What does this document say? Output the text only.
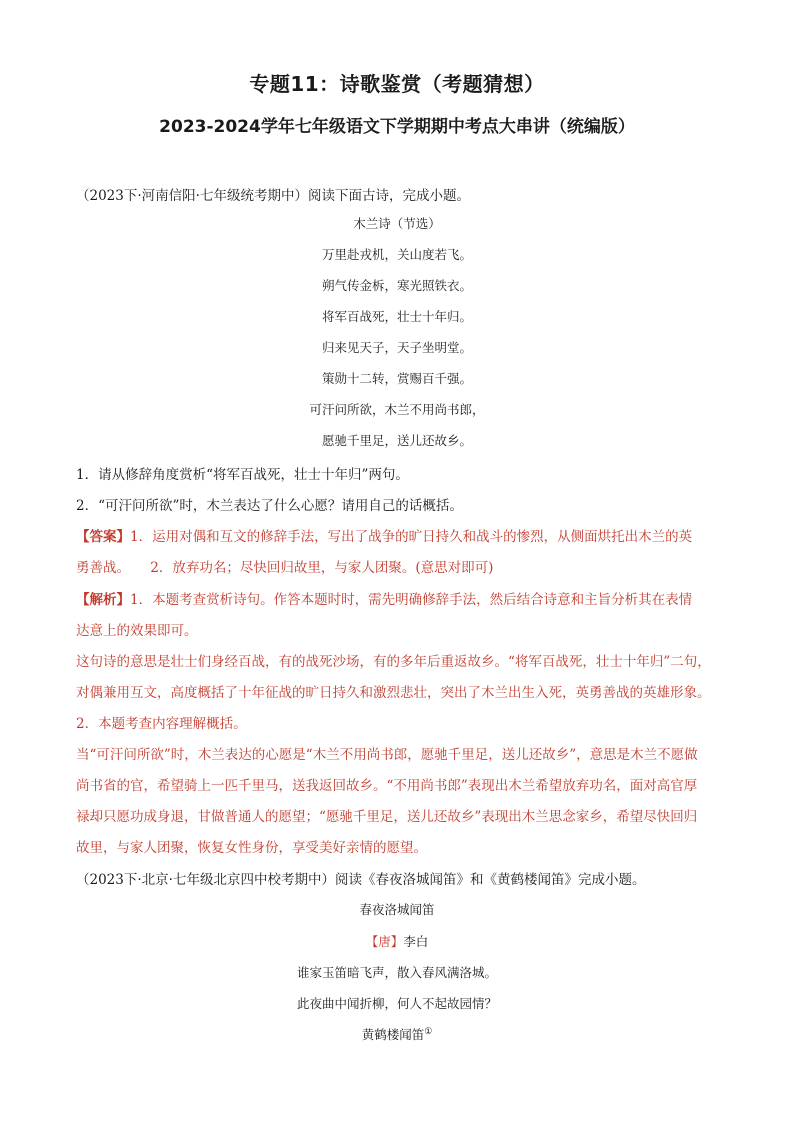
专题11：诗歌鉴赏（考题猜想）
2023-2024学年七年级语文下学期期中考点大串讲（统编版）
（2023下·河南信阳·七年级统考期中）阅读下面古诗，完成小题。
木兰诗（节选）
万里赴戎机，关山度若飞。
朔气传金柝，寒光照铁衣。
将军百战死，壮士十年归。
归来见天子，天子坐明堂。
策勋十二转，赏赐百千强。
可汗问所欲，木兰不用尚书郎，
愿驰千里足，送儿还故乡。
1．请从修辞角度赏析“将军百战死，壮士十年归”两句。
2．“可汗问所欲”时，木兰表达了什么心愿？请用自己的话概括。
【答案】1．运用对偶和互文的修辞手法，写出了战争的旷日持久和战斗的惨烈，从侧面烘托出木兰的英
勇善战。　　2．放弃功名；尽快回归故里，与家人团聚。(意思对即可)
【解析】1．本题考查赏析诗句。作答本题时时，需先明确修辞手法，然后结合诗意和主旨分析其在表情
达意上的效果即可。
这句诗的意思是壮士们身经百战，有的战死沙场，有的多年后重返故乡。“将军百战死，壮士十年归”二句，
对偶兼用互文，高度概括了十年征战的旷日持久和激烈悲壮，突出了木兰出生入死，英勇善战的英雄形象。
2．本题考查内容理解概括。
当“可汗问所欲”时，木兰表达的心愿是“木兰不用尚书郎，愿驰千里足，送儿还故乡”，意思是木兰不愿做
尚书省的官，希望骑上一匹千里马，送我返回故乡。“不用尚书郎”表现出木兰希望放弃功名，面对高官厚
禄却只愿功成身退，甘做普通人的愿望；“愿驰千里足，送儿还故乡”表现出木兰思念家乡，希望尽快回归
故里，与家人团聚，恢复女性身份，享受美好亲情的愿望。
（2023下·北京·七年级北京四中校考期中）阅读《春夜洛城闻笛》和《黄鹤楼闻笛》完成小题。
春夜洛城闻笛
【唐】李白
谁家玉笛暗飞声，散入春风满洛城。
此夜曲中闻折柳，何人不起故园情？
黄鹤楼闻笛①
